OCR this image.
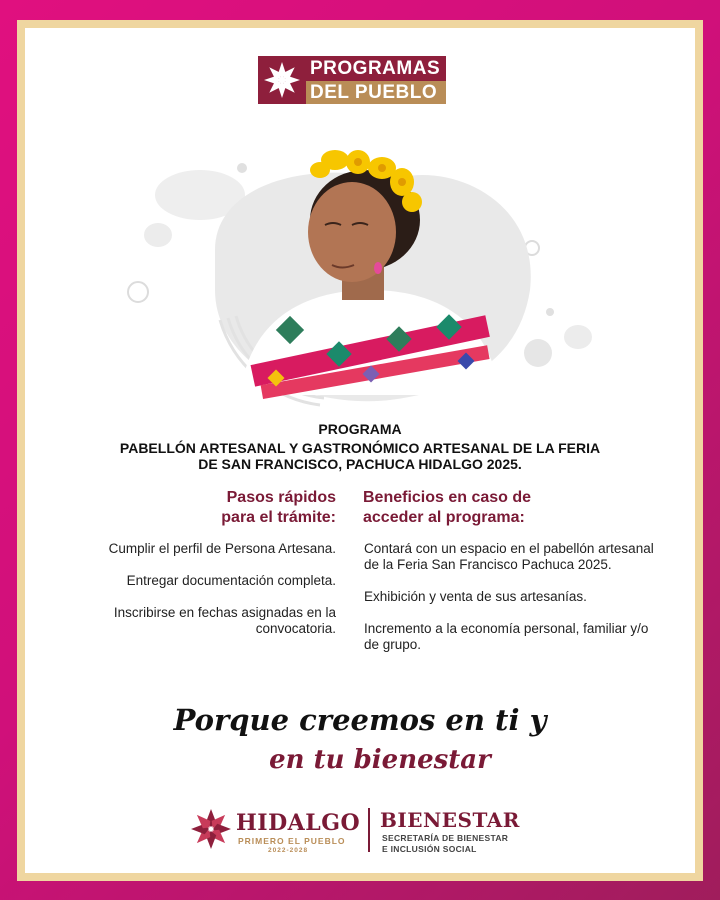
PROGRAMAS
DEL PUEBLO
PROGRAMA
PABELLÓN ARTESANAL Y GASTRONÓMICO ARTESANAL DE LA FERIA DE SAN FRANCISCO, PACHUCA HIDALGO 2025.
Pasos rápidos
para el trámite:
Beneficios en caso de
acceder al programa:
Cumplir el perfil de Persona Artesana.
Entregar documentación completa.
Inscribirse en fechas asignadas en la convocatoria.
Contará con un espacio en el pabellón artesanal de la Feria San Francisco Pachuca 2025.
Exhibición y venta de sus artesanías.
Incremento a la economía personal, familiar y/o de grupo.
Porque creemos en ti y
en tu bienestar
HIDALGO
PRIMERO EL PUEBLO
2022-2028
BIENESTAR
SECRETARÍA DE BIENESTAR
E INCLUSIÓN SOCIAL
